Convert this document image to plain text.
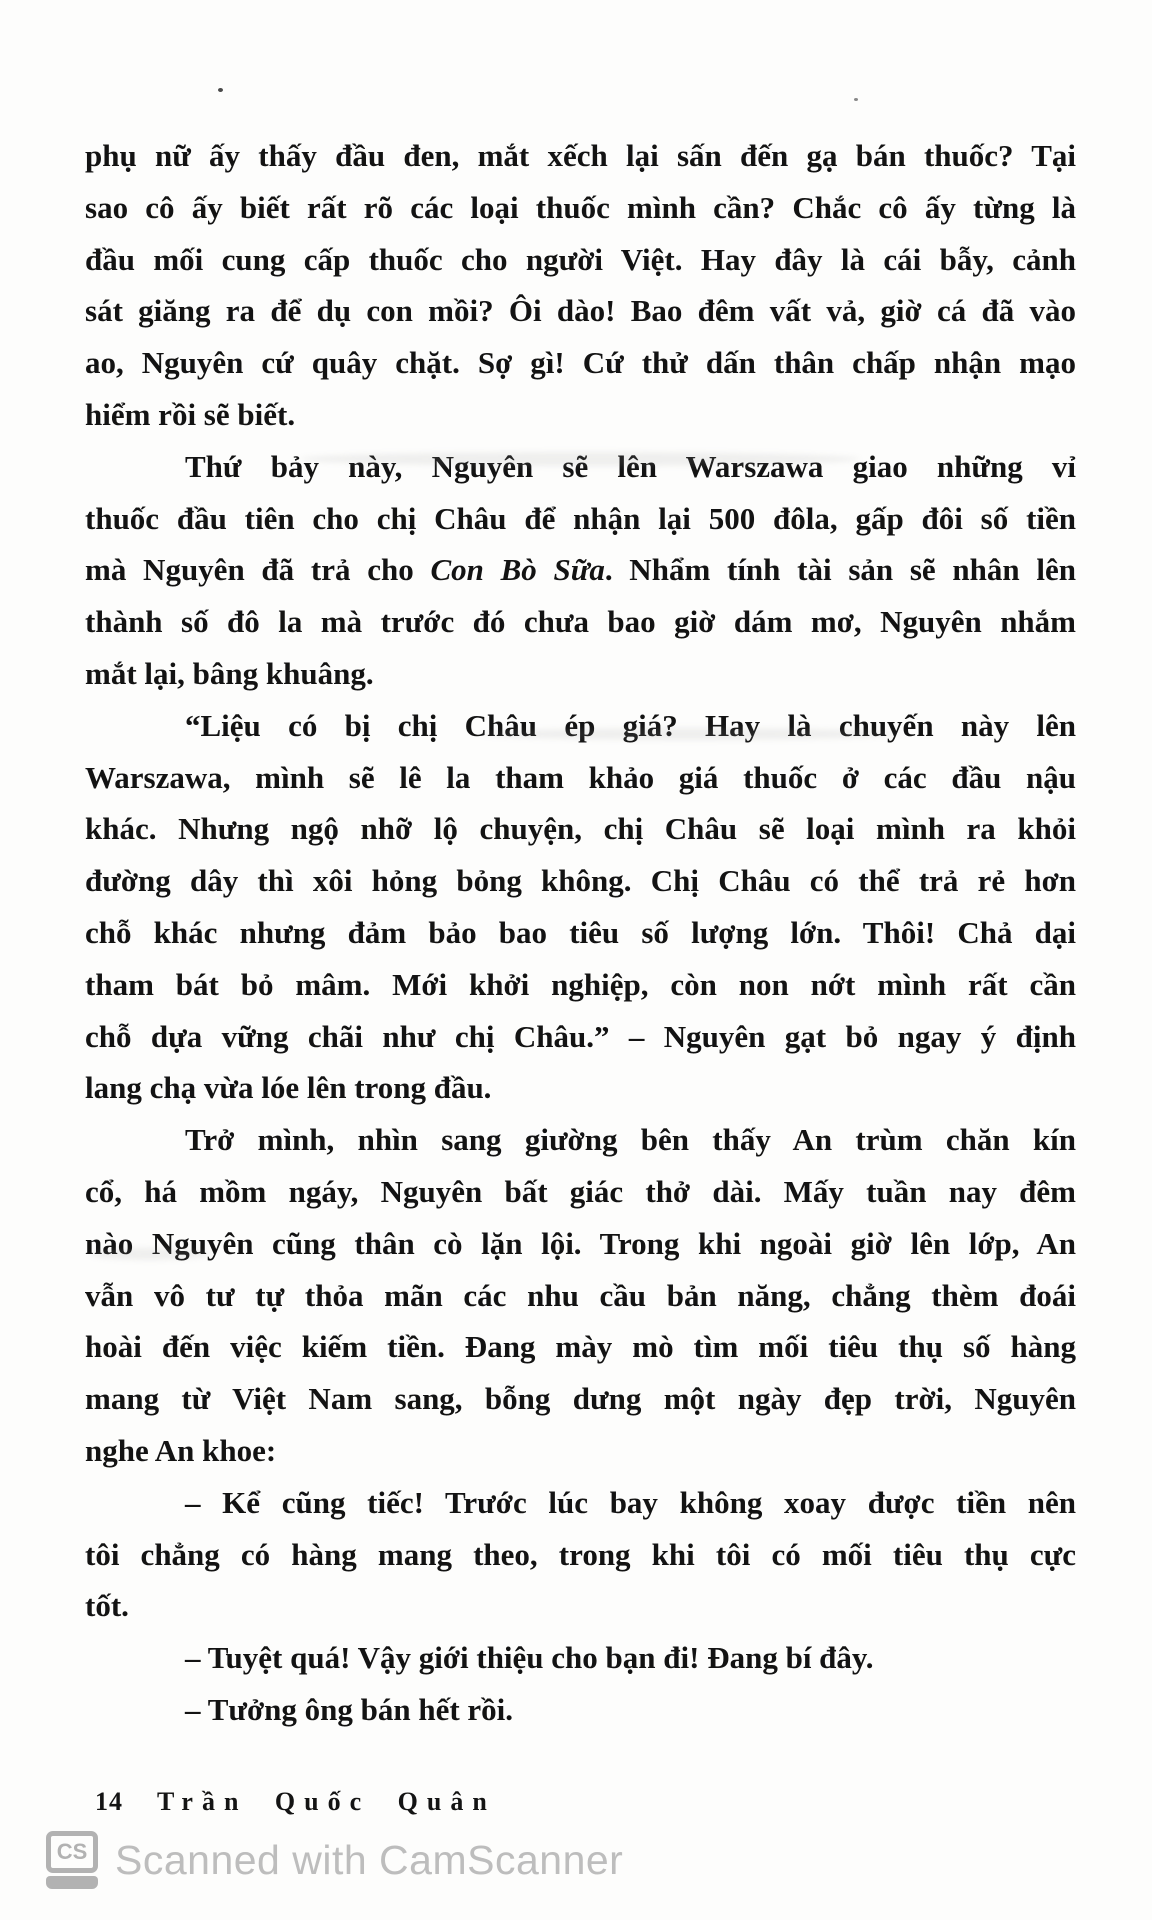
phụ nữ ấy thấy đầu đen, mắt xếch lại sấn đến gạ bán thuốc? Tại
sao cô ấy biết rất rõ các loại thuốc mình cần? Chắc cô ấy từng là
đầu mối cung cấp thuốc cho người Việt. Hay đây là cái bẫy, cảnh
sát giăng ra để dụ con mồi? Ôi dào! Bao đêm vất vả, giờ cá đã vào
ao, Nguyên cứ quây chặt. Sợ gì! Cứ thử dấn thân chấp nhận mạo
hiểm rồi sẽ biết.
Thứ bảy này, Nguyên sẽ lên Warszawa giao những vỉ
thuốc đầu tiên cho chị Châu để nhận lại 500 đôla, gấp đôi số tiền
mà Nguyên đã trả cho Con Bò Sữa. Nhẩm tính tài sản sẽ nhân lên
thành số đô la mà trước đó chưa bao giờ dám mơ, Nguyên nhắm
mắt lại, bâng khuâng.
“Liệu có bị chị Châu ép giá? Hay là chuyến này lên
Warszawa, mình sẽ lê la tham khảo giá thuốc ở các đầu nậu
khác. Nhưng ngộ nhỡ lộ chuyện, chị Châu sẽ loại mình ra khỏi
đường dây thì xôi hỏng bỏng không. Chị Châu có thể trả rẻ hơn
chỗ khác nhưng đảm bảo bao tiêu số lượng lớn. Thôi! Chả dại
tham bát bỏ mâm. Mới khởi nghiệp, còn non nớt mình rất cần
chỗ dựa vững chãi như chị Châu.” – Nguyên gạt bỏ ngay ý định
lang chạ vừa lóe lên trong đầu.
Trở mình, nhìn sang giường bên thấy An trùm chăn kín
cổ, há mồm ngáy, Nguyên bất giác thở dài. Mấy tuần nay đêm
nào Nguyên cũng thân cò lặn lội. Trong khi ngoài giờ lên lớp, An
vẫn vô tư tự thỏa mãn các nhu cầu bản năng, chẳng thèm đoái
hoài đến việc kiếm tiền. Đang mày mò tìm mối tiêu thụ số hàng
mang từ Việt Nam sang, bỗng dưng một ngày đẹp trời, Nguyên
nghe An khoe:
– Kể cũng tiếc! Trước lúc bay không xoay được tiền nên
tôi chẳng có hàng mang theo, trong khi tôi có mối tiêu thụ cực
tốt.
– Tuyệt quá! Vậy giới thiệu cho bạn đi! Đang bí đây.
– Tưởng ông bán hết rồi.
14 Trần Quốc Quân
CS Scanned with CamScanner
